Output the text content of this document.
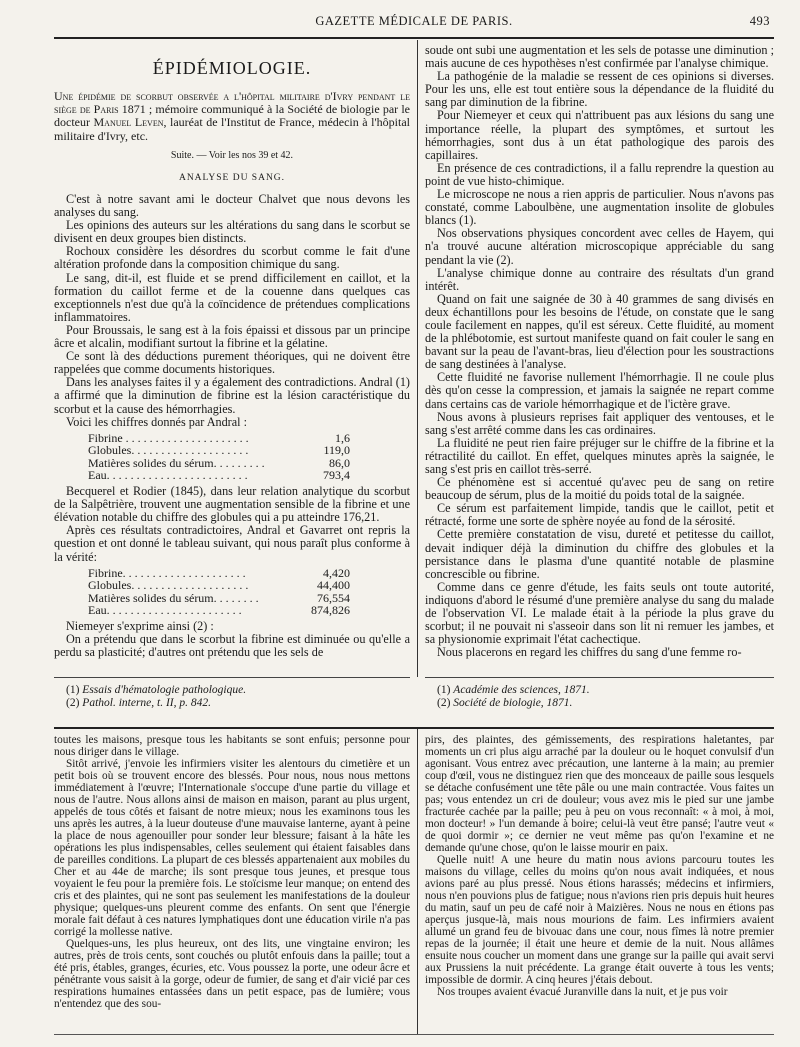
GAZETTE MÉDICALE DE PARIS.	493
ÉPIDÉMIOLOGIE.

Une épidémie de scorbut observée a l'hôpital militaire d'Ivry pendant le siège de Paris 1871 ; mémoire communiqué à la Société de biologie par le docteur Manuel Leven, lauréat de l'Institut de France, médecin à l'hôpital militaire d'Ivry, etc.

Suite. — Voir les nos 39 et 42.
ANALYSE DU SANG.

C'est à notre savant ami le docteur Chalvet que nous devons les analyses du sang.

Les opinions des auteurs sur les altérations du sang dans le scorbut se divisent en deux groupes bien distincts.

Rochoux considère les désordres du scorbut comme le fait d'une altération profonde dans la composition chimique du sang.

Le sang, dit-il, est fluide et se prend difficilement en caillot, et la formation du caillot ferme et de la couenne dans quelques cas exceptionnels n'est due qu'à la coïncidence de prétendues complications inflammatoires.

Pour Broussais, le sang est à la fois épaissi et dissous par un principe âcre et alcalin, modifiant surtout la fibrine et la gélatine.

Ce sont là des déductions purement théoriques, qui ne doivent être rappelées que comme documents historiques.

Dans les analyses faites il y a également des contradictions. Andral (1) a affirmé que la diminution de fibrine est la lésion caractéristique du scorbut et la cause des hémorrhagies.

Voici les chiffres donnés par Andral :

Fibrine . . . . . . . . . . . . . . . . . . . . .	1,6
Globules. . . . . . . . . . . . . . . . . . . .	119,0
Matières solides du sérum. . . . . . . . .	86,0
Eau. . . . . . . . . . . . . . . . . . . . . . . .	793,4

Becquerel et Rodier (1845), dans leur relation analytique du scorbut de la Salpêtrière, trouvent une augmentation sensible de la fibrine et une élévation notable du chiffre des globules qui a pu atteindre 176,21.

Après ces résultats contradictoires, Andral et Gavarret ont repris la question et ont donné le tableau suivant, qui nous paraît plus conforme à la vérité:

Fibrine. . . . . . . . . . . . . . . . . . . . .	4,420
Globules. . . . . . . . . . . . . . . . . . . .	44,400
Matières solides du sérum. . . . . . . .	76,554
Eau. . . . . . . . . . . . . . . . . . . . . . .	874,826

Niemeyer s'exprime ainsi (2) :

On a prétendu que dans le scorbut la fibrine est diminuée ou qu'elle a perdu sa plasticité; d'autres ont prétendu que les sels de

soude ont subi une augmentation et les sels de potasse une diminution ; mais aucune de ces hypothèses n'est confirmée par l'analyse chimique.

La pathogénie de la maladie se ressent de ces opinions si diverses. Pour les uns, elle est tout entière sous la dépendance de la fluidité du sang par diminution de la fibrine.

Pour Niemeyer et ceux qui n'attribuent pas aux lésions du sang une importance réelle, la plupart des symptômes, et surtout les hémorrhagies, sont dus à un état pathologique des parois des capillaires.

En présence de ces contradictions, il a fallu reprendre la question au point de vue histo-chimique.

Le microscope ne nous a rien appris de particulier. Nous n'avons pas constaté, comme Laboulbène, une augmentation insolite de globules blancs (1).

Nos observations physiques concordent avec celles de Hayem, qui n'a trouvé aucune altération microscopique appréciable du sang pendant la vie (2).

L'analyse chimique donne au contraire des résultats d'un grand intérêt.

Quand on fait une saignée de 30 à 40 grammes de sang divisés en deux échantillons pour les besoins de l'étude, on constate que le sang coule facilement en nappes, qu'il est séreux. Cette fluidité, au moment de la phlébotomie, est surtout manifeste quand on fait couler le sang en bavant sur la peau de l'avant-bras, lieu d'élection pour les soustractions de sang destinées à l'analyse.

Cette fluidité ne favorise nullement l'hémorrhagie. Il ne coule plus dès qu'on cesse la compression, et jamais la saignée ne repart comme dans certains cas de variole hémorrhagique et de l'ictère grave.

Nous avons à plusieurs reprises fait appliquer des ventouses, et le sang s'est arrêté comme dans les cas ordinaires.

La fluidité ne peut rien faire préjuger sur le chiffre de la fibrine et la rétractilité du caillot. En effet, quelques minutes après la saignée, le sang s'est pris en caillot très-serré.

Ce phénomène est si accentué qu'avec peu de sang on retire beaucoup de sérum, plus de la moitié du poids total de la saignée.

Ce sérum est parfaitement limpide, tandis que le caillot, petit et rétracté, forme une sorte de sphère noyée au fond de la sérosité.

Cette première constatation de visu, dureté et petitesse du caillot, devait indiquer déjà la diminution du chiffre des globules et la persistance dans le plasma d'une quantité notable de plasmine concrescible ou fibrine.

Comme dans ce genre d'étude, les faits seuls ont toute autorité, indiquons d'abord le résumé d'une première analyse du sang du malade de l'observation VI. Le malade était à la période la plus grave du scorbut; il ne pouvait ni s'asseoir dans son lit ni remuer les jambes, et sa physionomie exprimait l'état cachectique.

Nous placerons en regard les chiffres du sang d'une femme ro-

(1) Essais d'hématologie pathologique.

(2) Pathol. interne, t. II, p. 842.

(1) Académie des sciences, 1871.

(2) Société de biologie, 1871.

toutes les maisons, presque tous les habitants se sont enfuis; personne pour nous diriger dans le village.

Sitôt arrivé, j'envoie les infirmiers visiter les alentours du cimetière et un petit bois où se trouvent encore des blessés. Pour nous, nous nous mettons immédiatement à l'œuvre; l'Internationale s'occupe d'une partie du village et nous de l'autre. Nous allons ainsi de maison en maison, parant au plus urgent, appelés de tous côtés et faisant de notre mieux; nous les examinons tous les uns après les autres, à la lueur douteuse d'une mauvaise lanterne, ayant à peine la place de nous agenouiller pour sonder leur blessure; faisant à la hâte les opérations les plus indispensables, celles seulement qui étaient faisables dans de pareilles conditions. La plupart de ces blessés appartenaient aux mobiles du Cher et au 44e de marche; ils sont presque tous jeunes, et presque tous voyaient le feu pour la première fois. Le stoïcisme leur manque; on entend des cris et des plaintes, qui ne sont pas seulement les manifestations de la douleur physique; quelques-uns pleurent comme des enfants. On sent que l'énergie morale fait défaut à ces natures lymphatiques dont une éducation virile n'a pas corrigé la mollesse native.

Quelques-uns, les plus heureux, ont des lits, une vingtaine environ; les autres, près de trois cents, sont couchés ou plutôt enfouis dans la paille; tout a été pris, étables, granges, écuries, etc. Vous poussez la porte, une odeur âcre et pénétrante vous saisit à la gorge, odeur de fumier, de sang et d'air vicié par ces respirations humaines entassées dans un petit espace, pas de lumière; vous n'entendez que des sou-

pirs, des plaintes, des gémissements, des respirations haletantes, par moments un cri plus aigu arraché par la douleur ou le hoquet convulsif d'un agonisant. Vous entrez avec précaution, une lanterne à la main; au premier coup d'œil, vous ne distinguez rien que des monceaux de paille sous lesquels se détache confusément une tête pâle ou une main contractée. Vous faites un pas; vous entendez un cri de douleur; vous avez mis le pied sur une jambe fracturée cachée par la paille; peu à peu on vous reconnaît: « à moi, à moi, mon docteur! » l'un demande à boire; celui-là veut être pansé; l'autre veut « de quoi dormir »; ce dernier ne veut même pas qu'on l'examine et ne demande qu'une chose, qu'on le laisse mourir en paix.

Quelle nuit! A une heure du matin nous avions parcouru toutes les maisons du village, celles du moins qu'on nous avait indiquées, et nous avions paré au plus pressé. Nous étions harassés; médecins et infirmiers, nous n'en pouvions plus de fatigue; nous n'avions rien pris depuis huit heures du matin, sauf un peu de café noir à Maizières. Nous ne nous en étions pas aperçus jusque-là, mais nous mourions de faim. Les infirmiers avaient allumé un grand feu de bivouac dans une cour, nous fîmes là notre premier repas de la journée; il était une heure et demie de la nuit. Nous allâmes ensuite nous coucher un moment dans une grange sur la paille qui avait servi aux Prussiens la nuit précédente. La grange était ouverte à tous les vents; impossible de dormir. A cinq heures j'étais debout.

Nos troupes avaient évacué Juranville dans la nuit, et je pus voir
